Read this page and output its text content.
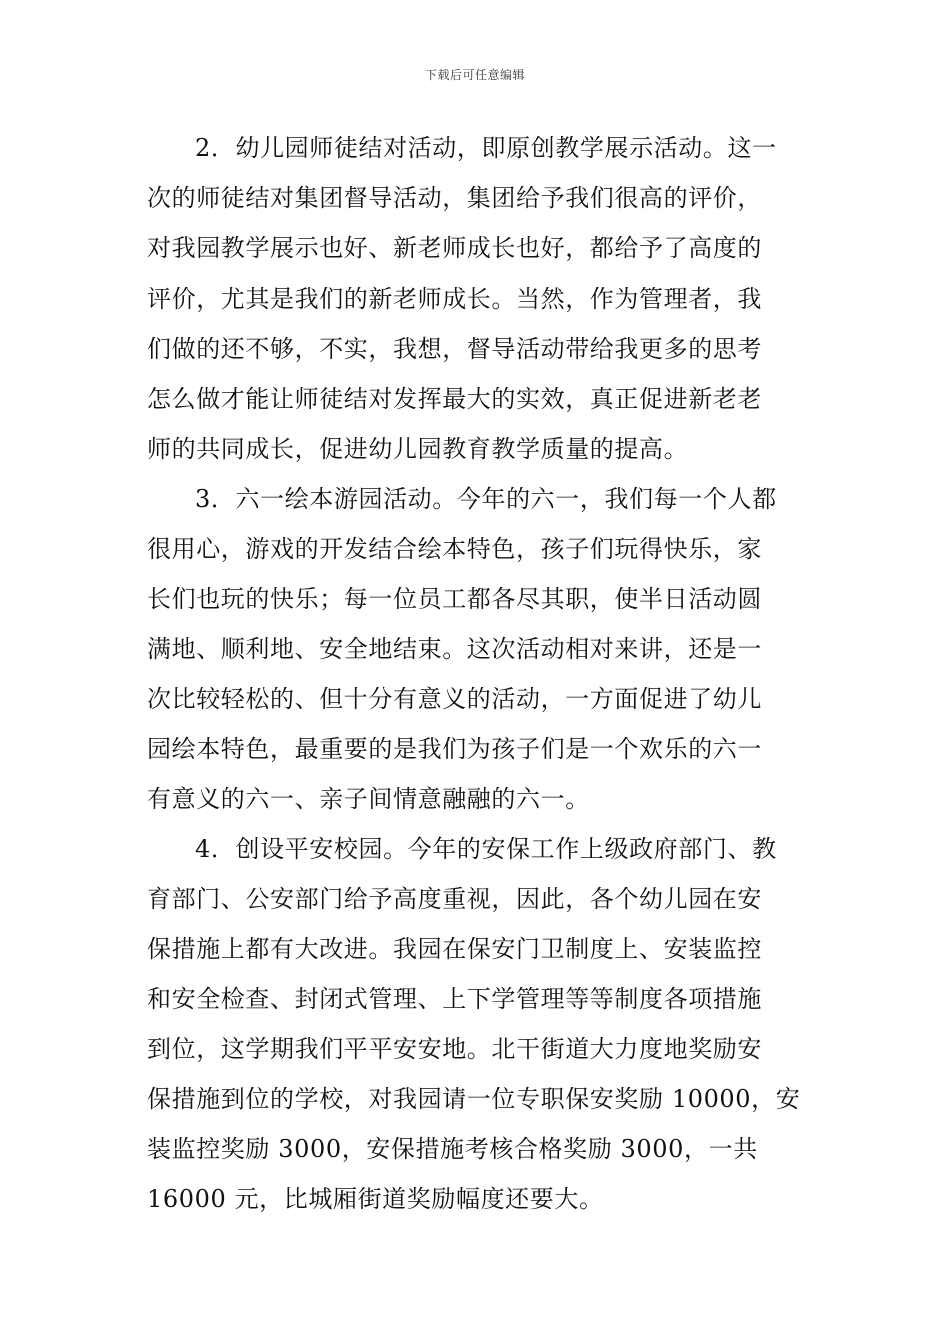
下载后可任意编辑
2．幼儿园师徒结对活动，即原创教学展示活动。这一
次的师徒结对集团督导活动，集团给予我们很高的评价，
对我园教学展示也好、新老师成长也好，都给予了高度的
评价，尤其是我们的新老师成长。当然，作为管理者，我
们做的还不够，不实，我想，督导活动带给我更多的思考
怎么做才能让师徒结对发挥最大的实效，真正促进新老老
师的共同成长，促进幼儿园教育教学质量的提高。
3．六一绘本游园活动。今年的六一，我们每一个人都
很用心，游戏的开发结合绘本特色，孩子们玩得快乐，家
长们也玩的快乐；每一位员工都各尽其职，使半日活动圆
满地、顺利地、安全地结束。这次活动相对来讲，还是一
次比较轻松的、但十分有意义的活动，一方面促进了幼儿
园绘本特色，最重要的是我们为孩子们是一个欢乐的六一
有意义的六一、亲子间情意融融的六一。
4．创设平安校园。今年的安保工作上级政府部门、教
育部门、公安部门给予高度重视，因此，各个幼儿园在安
保措施上都有大改进。我园在保安门卫制度上、安装监控
和安全检查、封闭式管理、上下学管理等等制度各项措施
到位，这学期我们平平安安地。北干街道大力度地奖励安
保措施到位的学校，对我园请一位专职保安奖励 10000，安
装监控奖励 3000，安保措施考核合格奖励 3000，一共
16000 元，比城厢街道奖励幅度还要大。
